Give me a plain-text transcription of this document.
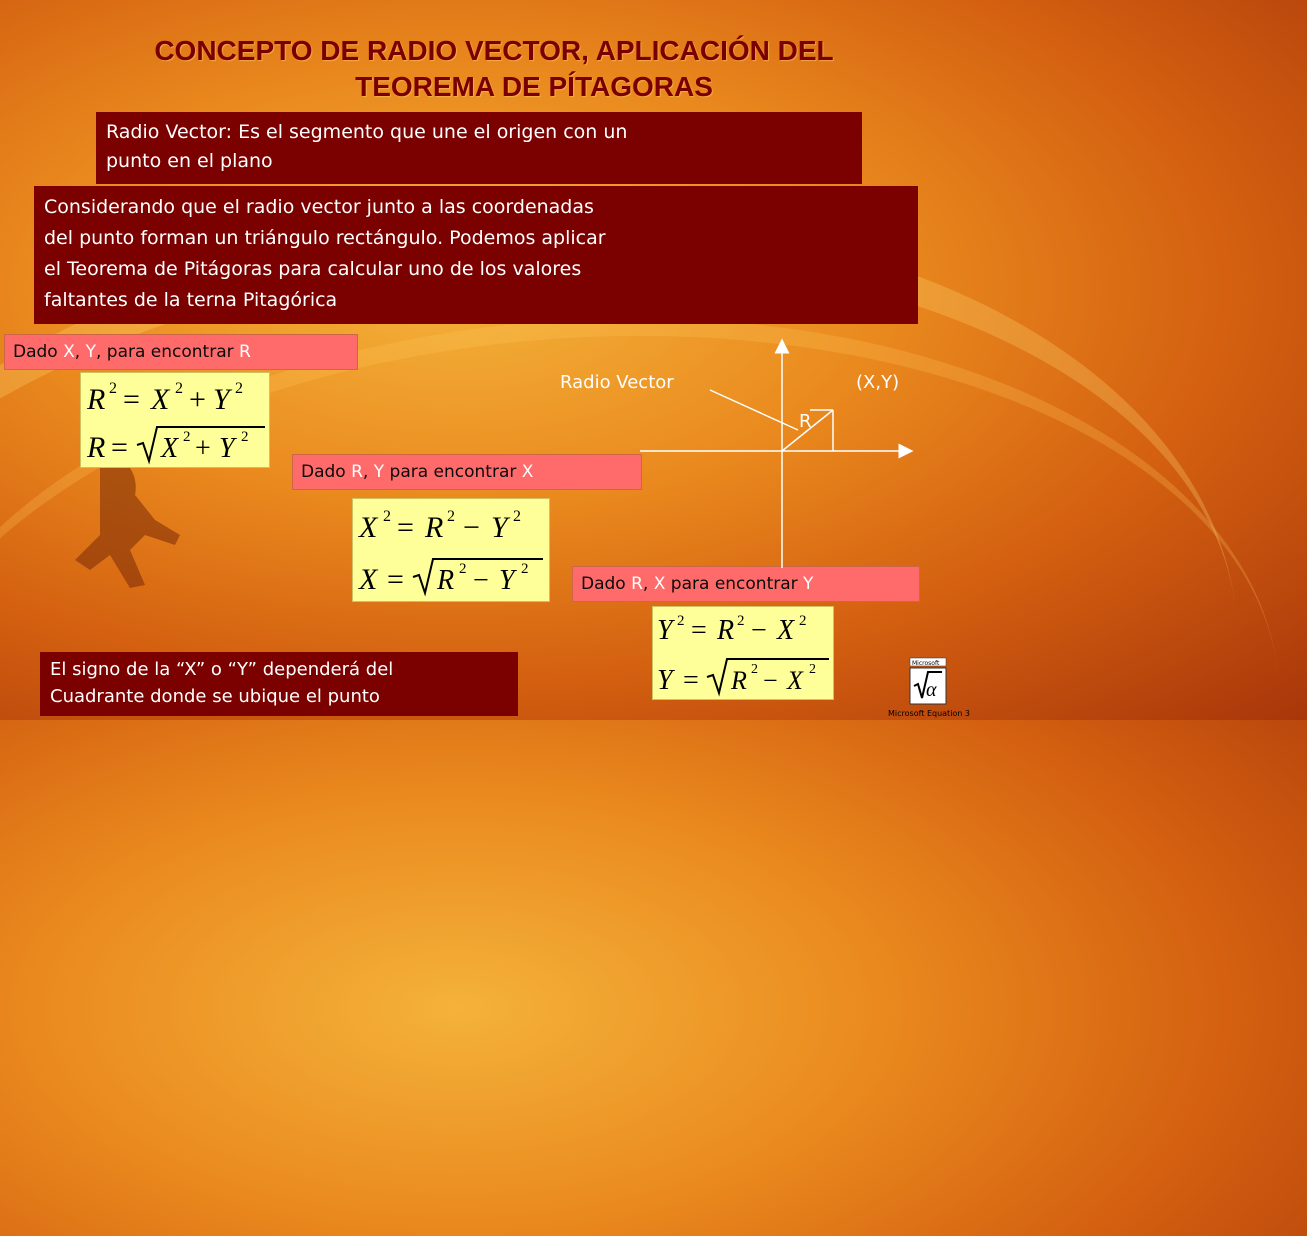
CONCEPTO DE RADIO VECTOR, APLICACIÓN DEL
TEOREMA DE PÍTAGORAS
Radio Vector: Es el segmento que une el origen con un
punto en el plano
Considerando que el radio vector junto a las coordenadas
del punto forman un triángulo rectángulo. Podemos aplicar
el Teorema de Pitágoras para calcular uno de los valores
faltantes de la terna Pitagórica
Dado X, Y, para encontrar R
R 2 = X 2 + Y 2
R = X 2 + Y 2
Dado R, Y para encontrar X
X 2 = R 2 − Y 2
X = R 2 − Y 2
Dado R, X para encontrar Y
Y 2 = R 2 − X 2
Y = R 2 − X 2
Radio Vector	(X,Y)
R
El signo de la “X” o “Y” dependerá del
Cuadrante donde se ubique el punto
Microsoft
α
Microsoft Equation 3
